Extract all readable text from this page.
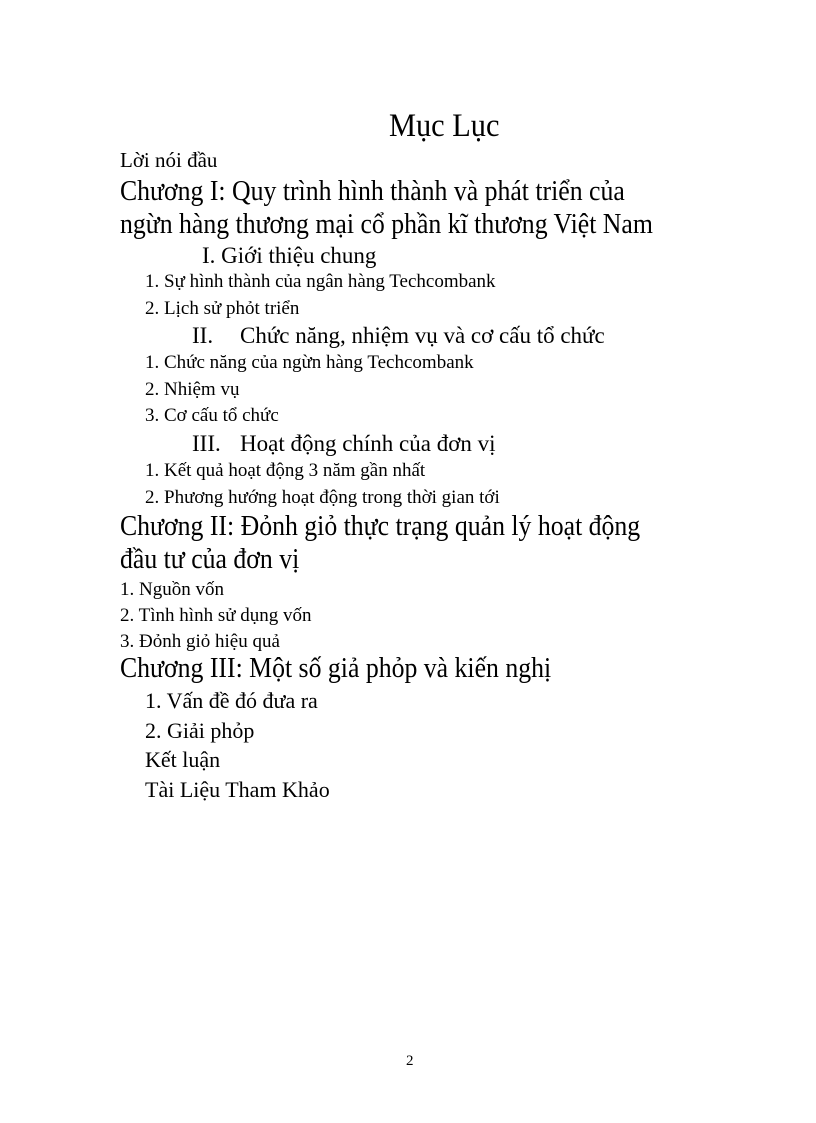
Mục Lục
Lời nói đầu
Chương I: Quy trình hình thành và phát triển của
ngừn hàng thương mại cổ phần kĩ thương Việt Nam
I. Giới thiệu chung
1. Sự hình thành của ngân hàng Techcombank
2. Lịch sử phỏt triển
II. Chức năng, nhiệm vụ và cơ cấu tổ chức
1. Chức năng của ngừn hàng Techcombank
2. Nhiệm vụ
3. Cơ cấu tổ chức
III. Hoạt động chính của đơn vị
1. Kết quả hoạt động 3 năm gần nhất
2. Phương hướng hoạt động trong thời gian tới
Chương II: Đỏnh giỏ thực trạng quản lý hoạt động
đầu tư của đơn vị
1. Nguồn vốn
2. Tình hình sử dụng vốn
3. Đỏnh giỏ hiệu quả
Chương III: Một số giả phỏp và kiến nghị
1. Vấn đề đó đưa ra
2. Giải phỏp
Kết luận
Tài Liệu Tham Khảo
2
